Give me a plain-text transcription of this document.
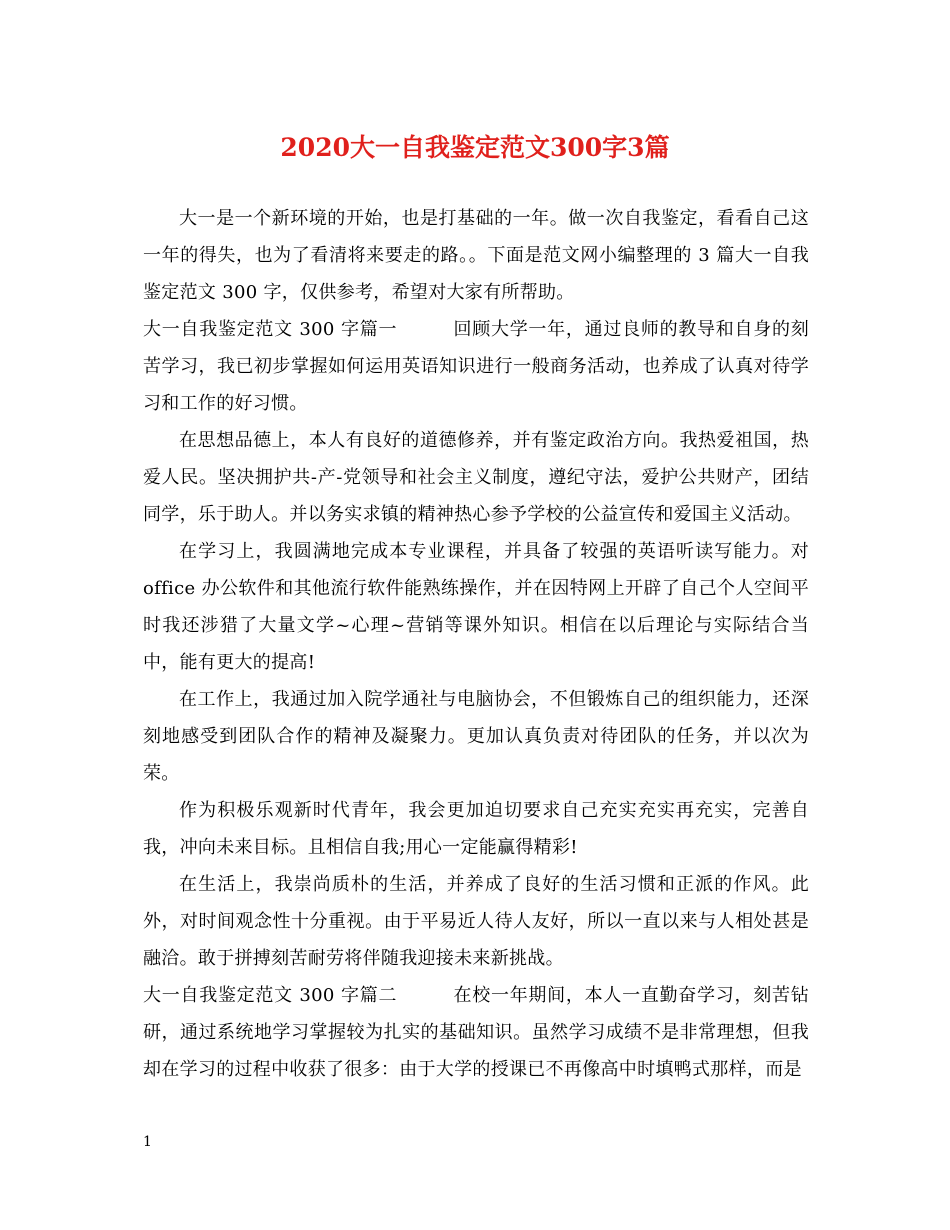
2020大一自我鉴定范文300字3篇

大一是一个新环境的开始，也是打基础的一年。做一次自我鉴定，看看自己这一年的得失，也为了看清将来要走的路。。下面是范文网小编整理的 3 篇大一自我鉴定范文 300 字，仅供参考，希望对大家有所帮助。

大一自我鉴定范文 300 字篇一　　　	回顾大学一年，通过良师的教导和自身的刻苦学习，我已初步掌握如何运用英语知识进行一般商务活动，也养成了认真对待学习和工作的好习惯。

在思想品德上，本人有良好的道德修养，并有鉴定政治方向。我热爱祖国，热爱人民。坚决拥护共-产-党领导和社会主义制度，遵纪守法，爱护公共财产，团结同学，乐于助人。并以务实求镇的精神热心参予学校的公益宣传和爱国主义活动。

在学习上，我圆满地完成本专业课程，并具备了较强的英语听读写能力。对office 办公软件和其他流行软件能熟练操作，并在因特网上开辟了自己个人空间平时我还涉猎了大量文学~心理~营销等课外知识。相信在以后理论与实际结合当中，能有更大的提高!

在工作上，我通过加入院学通社与电脑协会，不但锻炼自己的组织能力，还深刻地感受到团队合作的精神及凝聚力。更加认真负责对待团队的任务，并以次为荣。

作为积极乐观新时代青年，我会更加迫切要求自己充实充实再充实，完善自我，冲向未来目标。且相信自我;用心一定能赢得精彩!

在生活上，我崇尚质朴的生活，并养成了良好的生活习惯和正派的作风。此外，对时间观念性十分重视。由于平易近人待人友好，所以一直以来与人相处甚是融洽。敢于拼搏刻苦耐劳将伴随我迎接未来新挑战。

大一自我鉴定范文 300 字篇二　　　	在校一年期间，本人一直勤奋学习，刻苦钻研，通过系统地学习掌握较为扎实的基础知识。虽然学习成绩不是非常理想，但我却在学习的过程中收获了很多：由于大学的授课已不再像高中时填鸭式那样，而是

1
